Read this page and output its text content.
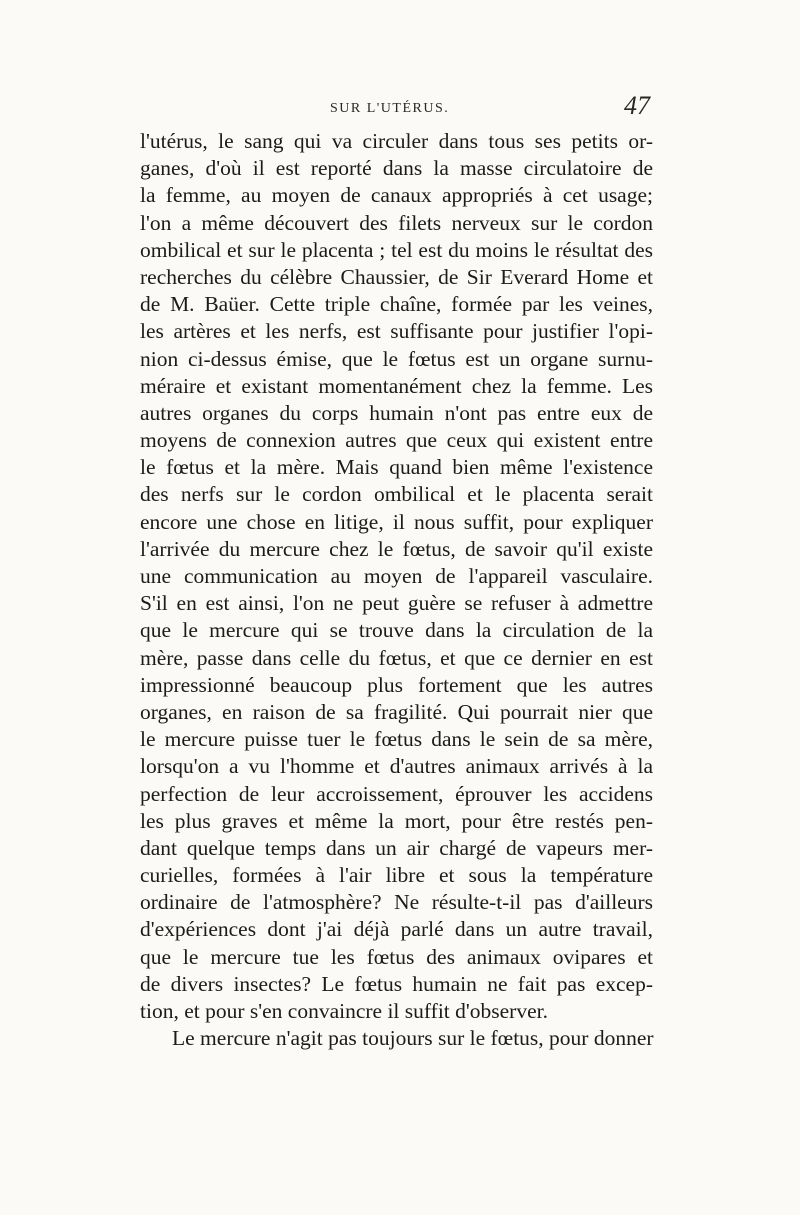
SUR L'UTÉRUS.	47
l'utérus, le sang qui va circuler dans tous ses petits or-
ganes, d'où il est reporté dans la masse circulatoire de
la femme, au moyen de canaux appropriés à cet usage;
l'on a même découvert des filets nerveux sur le cordon
ombilical et sur le placenta ; tel est du moins le résultat des
recherches du célèbre Chaussier, de Sir Everard Home et
de M. Baüer. Cette triple chaîne, formée par les veines,
les artères et les nerfs, est suffisante pour justifier l'opi-
nion ci-dessus émise, que le fœtus est un organe surnu-
méraire et existant momentanément chez la femme. Les
autres organes du corps humain n'ont pas entre eux de
moyens de connexion autres que ceux qui existent entre
le fœtus et la mère. Mais quand bien même l'existence
des nerfs sur le cordon ombilical et le placenta serait
encore une chose en litige, il nous suffit, pour expliquer
l'arrivée du mercure chez le fœtus, de savoir qu'il existe
une communication au moyen de l'appareil vasculaire.
S'il en est ainsi, l'on ne peut guère se refuser à admettre
que le mercure qui se trouve dans la circulation de la
mère, passe dans celle du fœtus, et que ce dernier en est
impressionné beaucoup plus fortement que les autres
organes, en raison de sa fragilité. Qui pourrait nier que
le mercure puisse tuer le fœtus dans le sein de sa mère,
lorsqu'on a vu l'homme et d'autres animaux arrivés à la
perfection de leur accroissement, éprouver les accidens
les plus graves et même la mort, pour être restés pen-
dant quelque temps dans un air chargé de vapeurs mer-
curielles, formées à l'air libre et sous la température
ordinaire de l'atmosphère? Ne résulte-t-il pas d'ailleurs
d'expériences dont j'ai déjà parlé dans un autre travail,
que le mercure tue les fœtus des animaux ovipares et
de divers insectes? Le fœtus humain ne fait pas excep-
tion, et pour s'en convaincre il suffit d'observer.
Le mercure n'agit pas toujours sur le fœtus, pour donner
